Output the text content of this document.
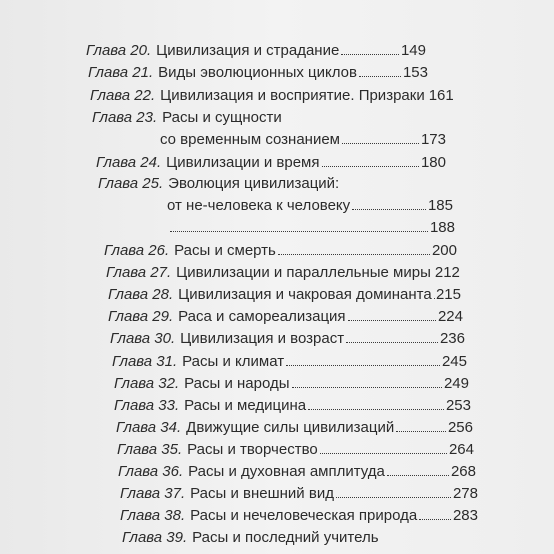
Глава 20. Цивилизация и страдание	149
Глава 21. Виды эволюционных циклов	153
Глава 22. Цивилизация и восприятие. Призраки 161
Глава 23. Расы и сущности
со временным сознанием	173
Глава 24. Цивилизации и время	180
Глава 25. Эволюция цивилизаций:
от не-человека к человеку	185
188
Глава 26. Расы и смерть	200
Глава 27. Цивилизации и параллельные миры 212
Глава 28. Цивилизация и чакровая доминанта 215
Глава 29. Раса и самореализация	224
Глава 30. Цивилизация и возраст	236
Глава 31. Расы и климат	245
Глава 32. Расы и народы	249
Глава 33. Расы и медицина	253
Глава 34. Движущие силы цивилизаций	256
Глава 35. Расы и творчество	264
Глава 36. Расы и духовная амплитуда	268
Глава 37. Расы и внешний вид	278
Глава 38. Расы и нечеловеческая природа 283
Глава 39. Расы и последний учитель
